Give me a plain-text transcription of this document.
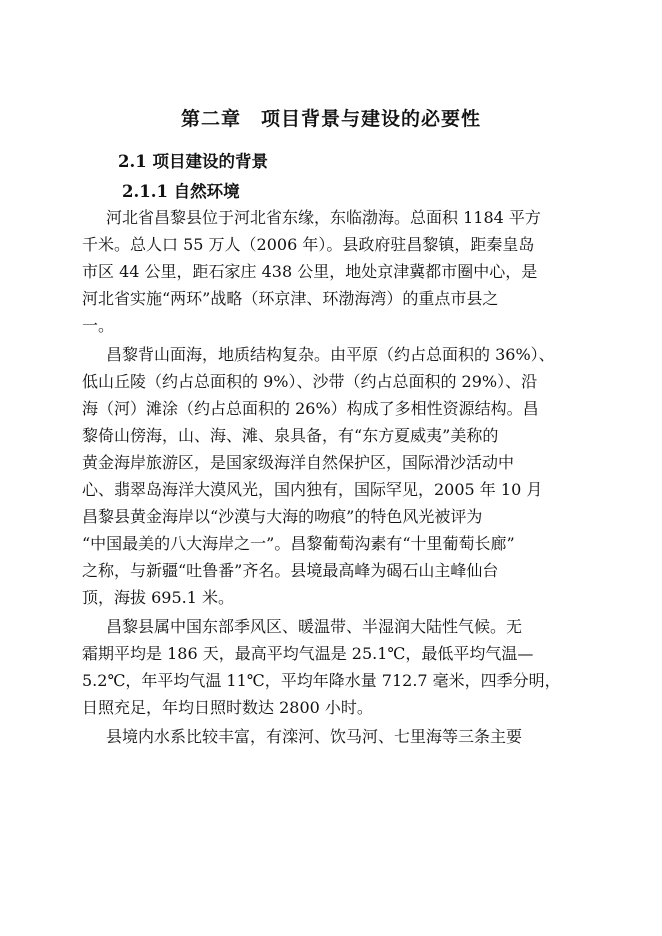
第二章　项目背景与建设的必要性
2.1 项目建设的背景
2.1.1 自然环境

河北省昌黎县位于河北省东缘，东临渤海。总面积 1184 平方
千米。总人口 55 万人（2006 年）。县政府驻昌黎镇，距秦皇岛
市区 44 公里，距石家庄 438 公里，地处京津冀都市圈中心，是
河北省实施“两环”战略（环京津、环渤海湾）的重点市县之
一。

昌黎背山面海，地质结构复杂。由平原（约占总面积的 36%）、
低山丘陵（约占总面积的 9%）、沙带（约占总面积的 29%）、沿
海（河）滩涂（约占总面积的 26%）构成了多相性资源结构。昌
黎倚山傍海，山、海、滩、泉具备，有“东方夏威夷”美称的
黄金海岸旅游区，是国家级海洋自然保护区，国际滑沙活动中
心、翡翠岛海洋大漠风光，国内独有，国际罕见，2005 年 10 月
昌黎县黄金海岸以“沙漠与大海的吻痕”的特色风光被评为
“中国最美的八大海岸之一”。昌黎葡萄沟素有“十里葡萄长廊”
之称，与新疆“吐鲁番”齐名。县境最高峰为碣石山主峰仙台
顶，海拔 695.1 米。

昌黎县属中国东部季风区、暖温带、半湿润大陆性气候。无
霜期平均是 186 天，最高平均气温是 25.1℃，最低平均气温—
5.2℃，年平均气温 11℃，平均年降水量 712.7 毫米，四季分明，
日照充足，年均日照时数达 2800 小时。

县境内水系比较丰富，有滦河、饮马河、七里海等三条主要
